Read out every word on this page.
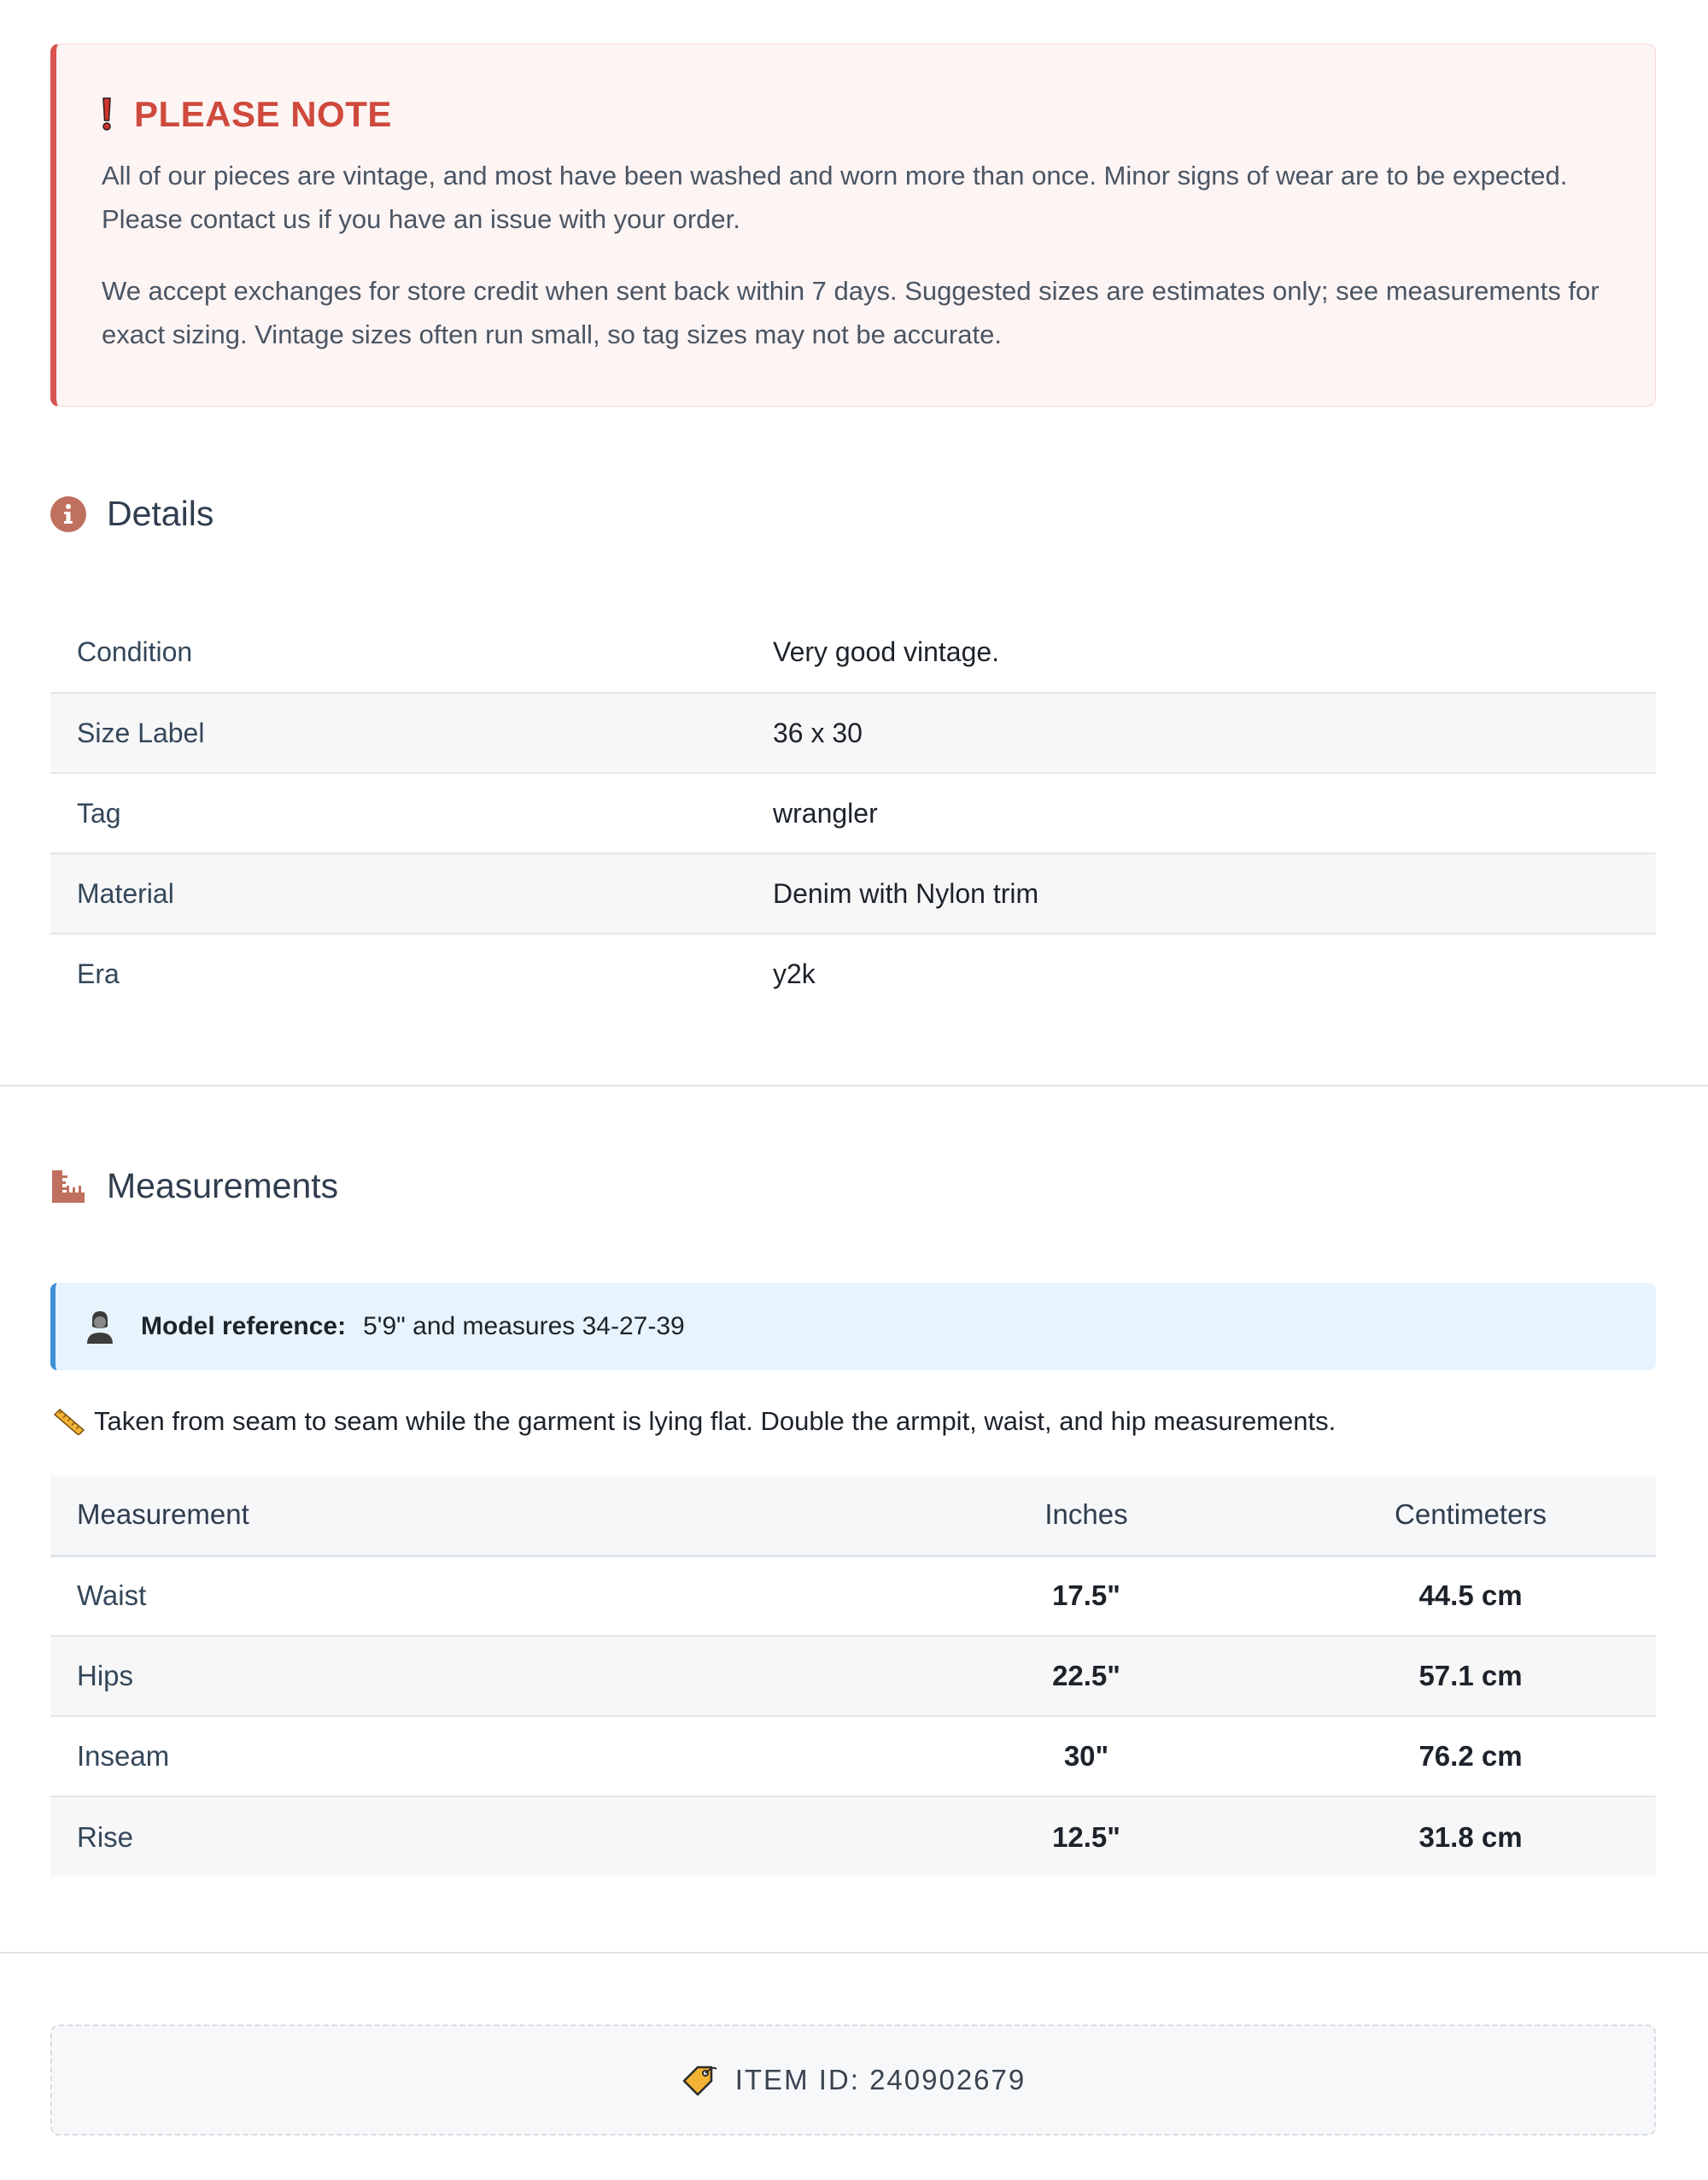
PLEASE NOTE

All of our pieces are vintage, and most have been washed and worn more than once. Minor signs of wear are to be expected. Please contact us if you have an issue with your order.

We accept exchanges for store credit when sent back within 7 days. Suggested sizes are estimates only; see measurements for exact sizing. Vintage sizes often run small, so tag sizes may not be accurate.

Details
Condition	Very good vintage.
Size Label	36 x 30
Tag	wrangler
Material	Denim with Nylon trim
Era	y2k
Measurements
Model reference: 5'9" and measures 34-27-39
Taken from seam to seam while the garment is lying flat. Double the armpit, waist, and hip measurements.
Measurement	Inches	Centimeters
Waist	17.5"	44.5 cm
Hips	22.5"	57.1 cm
Inseam	30"	76.2 cm
Rise	12.5"	31.8 cm
ITEM ID: 240902679
